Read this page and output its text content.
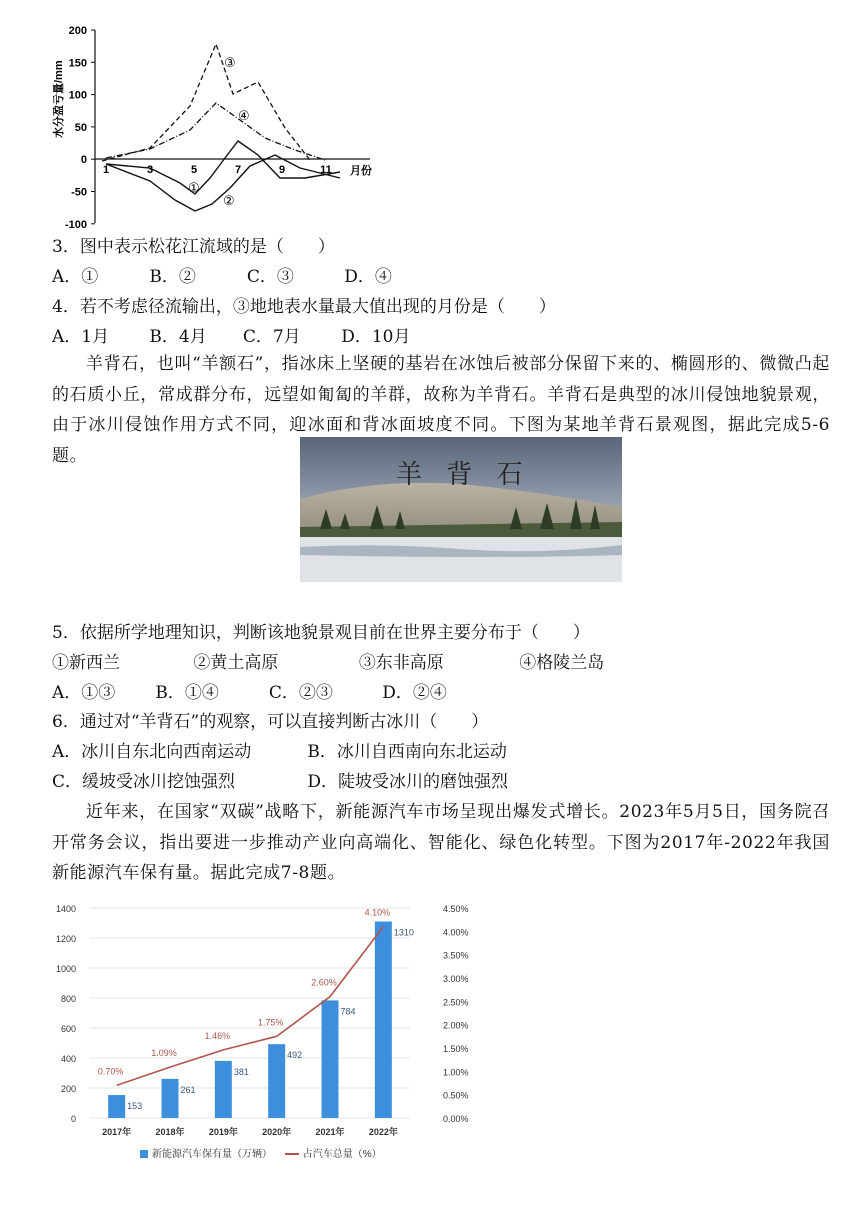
200
150
100
50
0
-50
-100
1	3	5	7	9	11 月份
水分盈亏量/mm
①
②
③
④
3．图中表示松花江流域的是（　　）
A．①	B．②	C．③	D．④
4．若不考虑径流输出，③地地表水量最大值出现的月份是（　　）
A．1月 B．4月 C．7月 D．10月
羊背石，也叫“羊额石”，指冰床上坚硬的基岩在冰蚀后被部分保留下来的、椭圆形的、微微凸起的石质小丘，常成群分布，远望如匍匐的羊群，故称为羊背石。羊背石是典型的冰川侵蚀地貌景观，由于冰川侵蚀作用方式不同，迎冰面和背冰面坡度不同。下图为某地羊背石景观图，据此完成5-6题。
羊 背 石
5．依据所学地理知识，判断该地貌景观目前在世界主要分布于（　　）
①新西兰	②黄土高原	③东非高原	④格陵兰岛
A．①③ B．①④	C．②③	D．②④
6．通过对“羊背石”的观察，可以直接判断古冰川（　　）
A．冰川自东北向西南运动	B．冰川自西南向东北运动
C．缓坡受冰川挖蚀强烈	D．陡坡受冰川的磨蚀强烈
近年来，在国家“双碳”战略下，新能源汽车市场呈现出爆发式增长。2023年5月5日，国务院召开常务会议，指出要进一步推动产业向高端化、智能化、绿色化转型。下图为2017年-2022年我国新能源汽车保有量。据此完成7-8题。
0
200
400
600
800
1000
1200
1400
0.00%
0.50%
1.00%
1.50%
2.00%
2.50%
3.00%
3.50%
4.00%
4.50%
153
2017年
261
2018年
381
2019年
492
2020年
784
2021年
1310
2022年
0.70%
1.09%
1.46%
1.75%
2.60%
4.10%
新能源汽车保有量（万辆）	占汽车总量（%）
